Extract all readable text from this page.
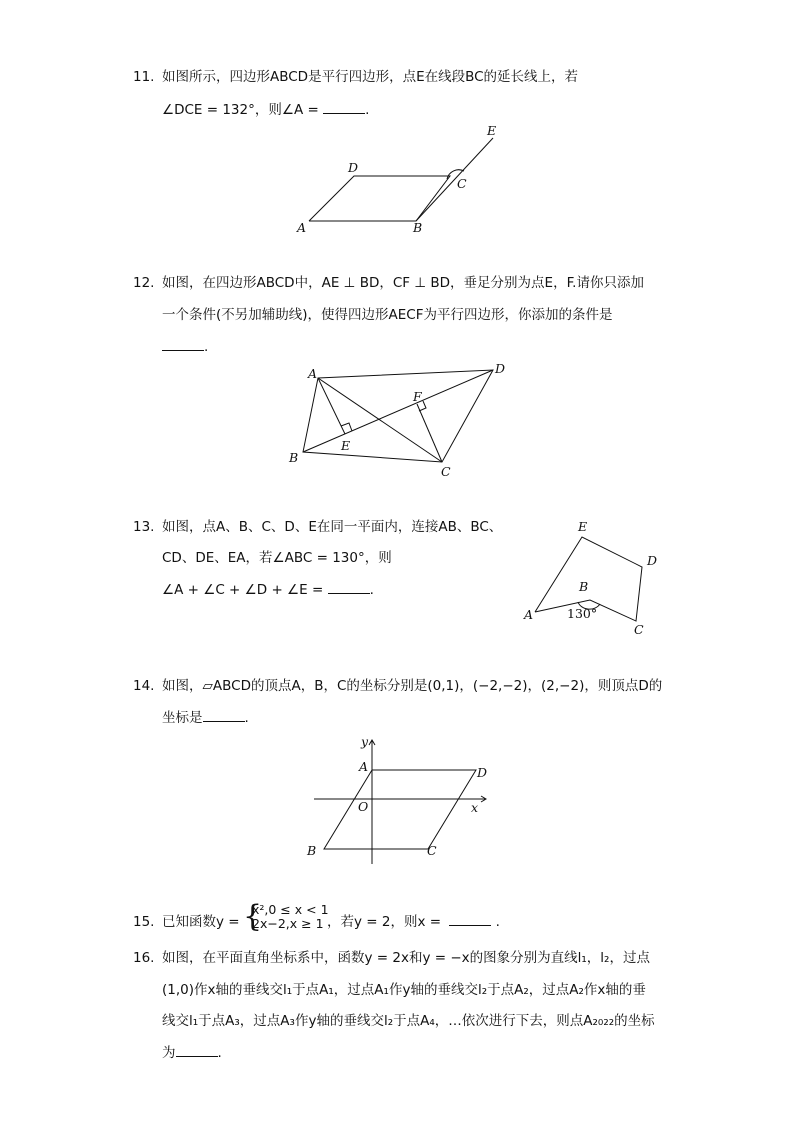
11. 如图所示，四边形ABCD是平行四边形，点E在线段BC的延长线上，若
∠DCE = 132°，则∠A =	.
A	B
C
D
E
12. 如图，在四边形ABCD中，AE ⊥ BD，CF ⊥ BD，垂足分别为点E，F.请你只添加
一个条件(不另加辅助线)，使得四边形AECF为平行四边形，你添加的条件是
.
A
B
C
D
E
F
13. 如图，点A、B、C、D、E在同一平面内，连接AB、BC、
CD、DE、EA，若∠ABC = 130°，则
∠A + ∠C + ∠D + ∠E =	.
A
B
C
D
E
130°
14. 如图，▱ABCD的顶点A，B，C的坐标分别是(0,1)，(−2,−2)，(2,−2)，则顶点D的
坐标是	.
A
B	C
D
O	x
y
15. 已知函数y = {
x²,0 ≤ x < 1
2x−2,x ≥ 1 ，若y = 2，则x =	.
16. 如图，在平面直角坐标系中，函数y = 2x和y = −x的图象分别为直线l₁，l₂，过点
(1,0)作x轴的垂线交l₁于点A₁，过点A₁作y轴的垂线交l₂于点A₂，过点A₂作x轴的垂
线交l₁于点A₃，过点A₃作y轴的垂线交l₂于点A₄，…依次进行下去，则点A₂₀₂₂的坐标
为	.
